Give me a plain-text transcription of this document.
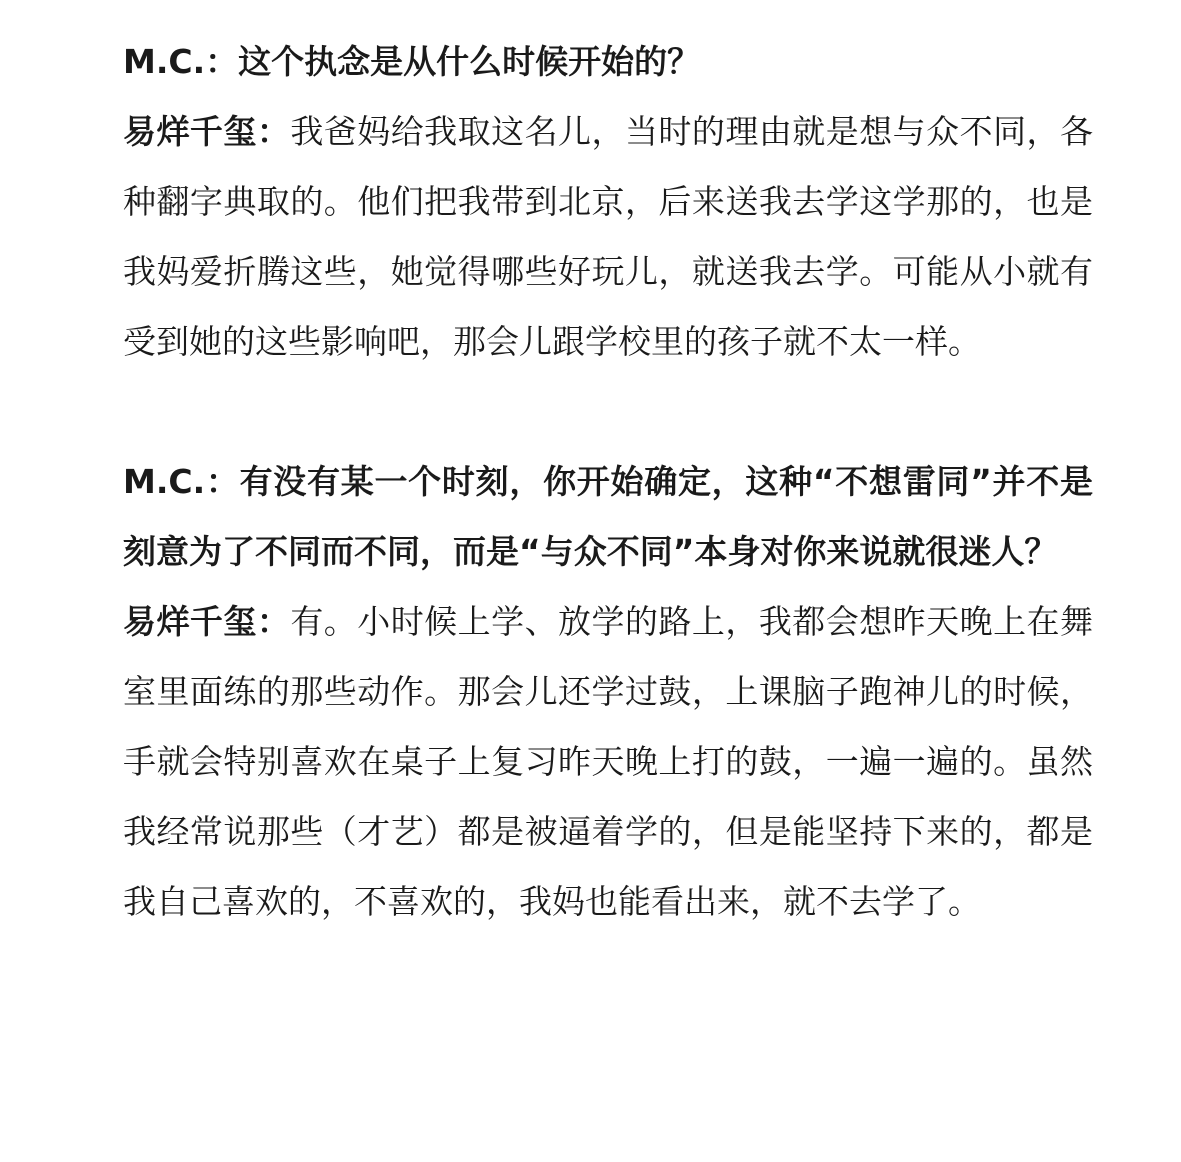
M.C.：这个执念是从什么时候开始的？

易烊千玺：我爸妈给我取这名儿，当时的理由就是想与众不同，各种翻字典取的。他们把我带到北京，后来送我去学这学那的，也是我妈爱折腾这些，她觉得哪些好玩儿，就送我去学。可能从小就有受到她的这些影响吧，那会儿跟学校里的孩子就不太一样。

M.C.：有没有某一个时刻，你开始确定，这种“不想雷同”并不是刻意为了不同而不同，而是“与众不同”本身对你来说就很迷人？

易烊千玺：有。小时候上学、放学的路上，我都会想昨天晚上在舞室里面练的那些动作。那会儿还学过鼓，上课脑子跑神儿的时候，手就会特别喜欢在桌子上复习昨天晚上打的鼓，一遍一遍的。虽然我经常说那些（才艺）都是被逼着学的，但是能坚持下来的，都是我自己喜欢的，不喜欢的，我妈也能看出来，就不去学了。
